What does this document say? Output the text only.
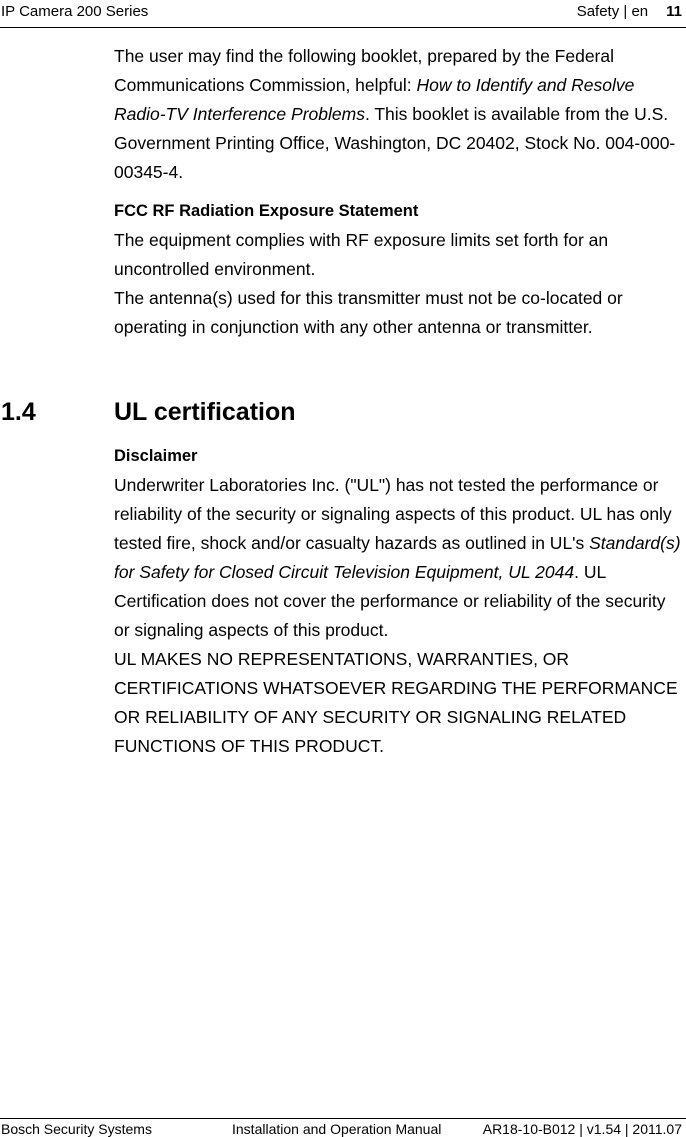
IP Camera 200 Series	Safety | en 11

The user may find the following booklet, prepared by the Federal Communications Commission, helpful: How to Identify and Resolve Radio-TV Interference Problems. This booklet is available from the U.S. Government Printing Office, Washington, DC 20402, Stock No. 004-000-00345-4.

FCC RF Radiation Exposure Statement

The equipment complies with RF exposure limits set forth for an uncontrolled environment.

The antenna(s) used for this transmitter must not be co-located or operating in conjunction with any other antenna or transmitter.

1.4	UL certification

Disclaimer

Underwriter Laboratories Inc. ("UL") has not tested the performance or reliability of the security or signaling aspects of this product. UL has only tested fire, shock and/or casualty hazards as outlined in UL's Standard(s) for Safety for Closed Circuit Television Equipment, UL 2044. UL Certification does not cover the performance or reliability of the security or signaling aspects of this product.

UL MAKES NO REPRESENTATIONS, WARRANTIES, OR CERTIFICATIONS WHATSOEVER REGARDING THE PERFORMANCE OR RELIABILITY OF ANY SECURITY OR SIGNALING RELATED FUNCTIONS OF THIS PRODUCT.

Bosch Security Systems	Installation and Operation Manual	AR18-10-B012 | v1.54 | 2011.07
